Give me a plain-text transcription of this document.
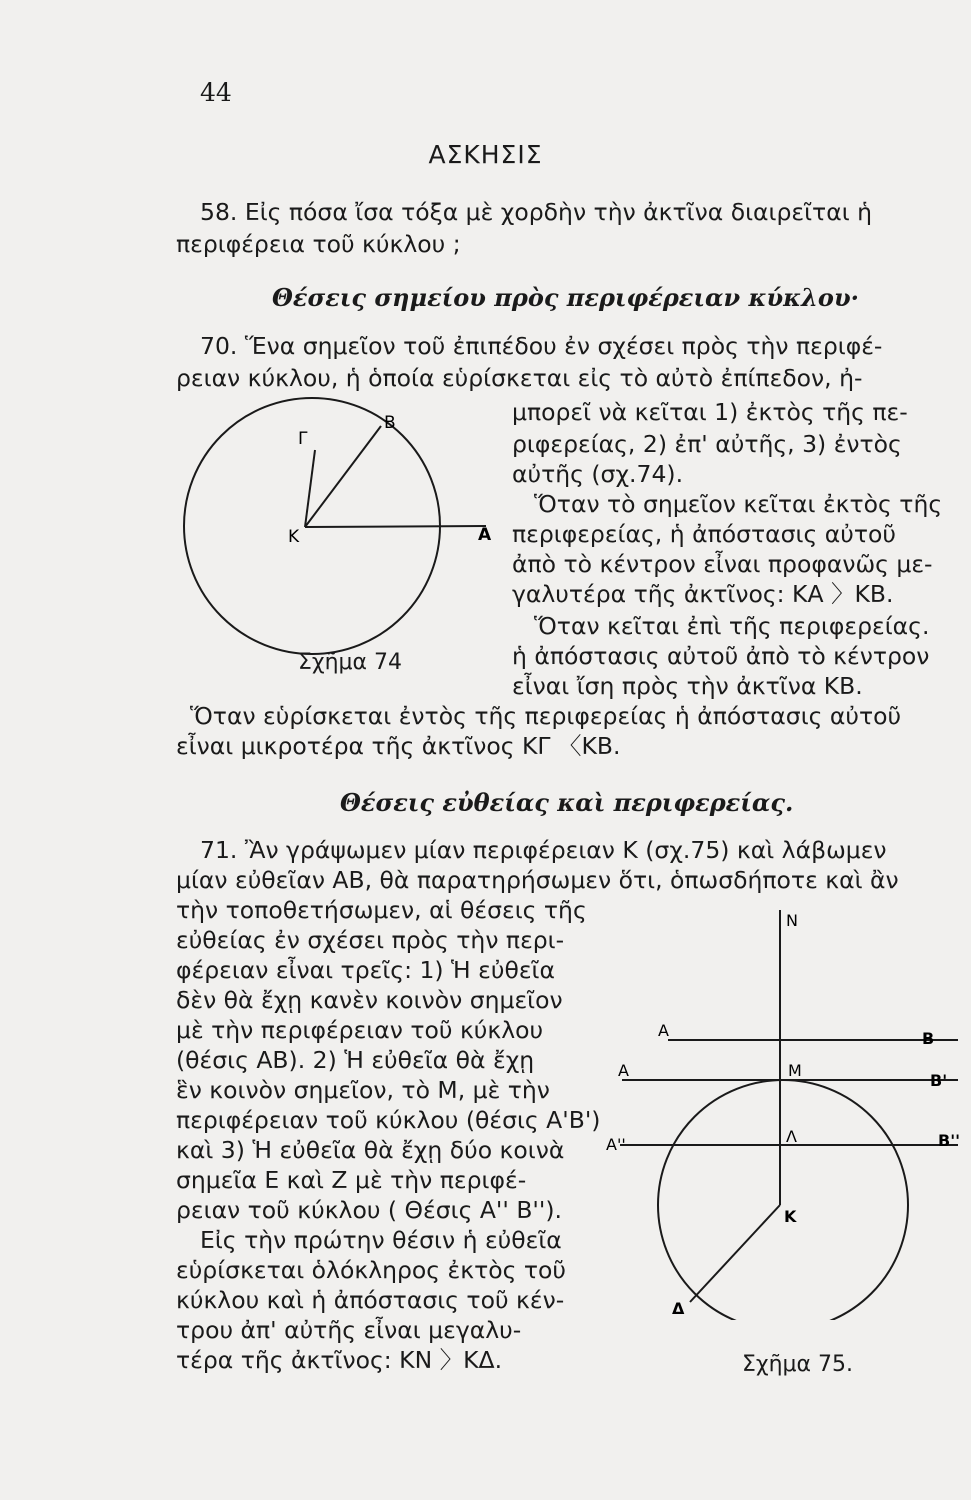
44
ΑΣΚΗΣΙΣ
58. Εἰς πόσα ἴσα τόξα μὲ χορδὴν τὴν ἀκτῖνα διαιρεῖται ἡ
περιφέρεια τοῦ κύκλου ;
Θέσεις σημείου πρὸς περιφέρειαν κύκλου·
70. Ἕνα σημεῖον τοῦ ἐπιπέδου ἐν σχέσει πρὸς τὴν περιφέ-
ρειαν κύκλου, ἡ ὁποία εὑρίσκεται εἰς τὸ αὐτὸ ἐπίπεδον, ἠ-
μπορεῖ νὰ κεῖται 1) ἐκτὸς τῆς πε-
ριφερείας, 2) ἐπ' αὐτῆς, 3) ἐντὸς
αὐτῆς (σχ.74).
Ὅταν τὸ σημεῖον κεῖται ἐκτὸς τῆς
περιφερείας, ἡ ἀπόστασις αὐτοῦ
ἀπὸ τὸ κέντρον εἶναι προφανῶς με-
γαλυτέρα τῆς ἀκτῖνος: ΚΑ 〉ΚΒ.
Ὅταν κεῖται ἐπὶ τῆς περιφερείας.
ἡ ἀπόστασις αὐτοῦ ἀπὸ τὸ κέντρον
εἶναι ἴση πρὸς τὴν ἀκτῖνα ΚΒ.
Ὅταν εὑρίσκεται ἐντὸς τῆς περιφερείας ἡ ἀπόστασις αὐτοῦ
εἶναι μικροτέρα τῆς ἀκτῖνος ΚΓ 〈ΚΒ.
Κ	Α
Β
Γ
Σχῆμα 74
Θέσεις εὐθείας καὶ περιφερείας.
71. Ἂν γράψωμεν μίαν περιφέρειαν Κ (σχ.75) καὶ λάβωμεν
μίαν εὐθεῖαν ΑΒ, θὰ παρατηρήσωμεν ὅτι, ὁπωσδήποτε καὶ ἂν
τὴν τοποθετήσωμεν, αἱ θέσεις τῆς
εὐθείας ἐν σχέσει πρὸς τὴν περι-
φέρειαν εἶναι τρεῖς: 1) Ἡ εὐθεῖα
δὲν θὰ ἔχῃ κανὲν κοινὸν σημεῖον
μὲ τὴν περιφέρειαν τοῦ κύκλου
(θέσις ΑΒ). 2) Ἡ εὐθεῖα θὰ ἔχῃ
ἓν κοινὸν σημεῖον, τὸ Μ, μὲ τὴν
περιφέρειαν τοῦ κύκλου (θέσις Α'Β')
καὶ 3) Ἡ εὐθεῖα θὰ ἔχῃ δύο κοινὰ
σημεῖα Ε καὶ Ζ μὲ τὴν περιφέ-
ρειαν τοῦ κύκλου ( Θέσις Α'' Β'').
Εἰς τὴν πρώτην θέσιν ἡ εὐθεῖα
εὑρίσκεται ὁλόκληρος ἐκτὸς τοῦ
κύκλου καὶ ἡ ἀπόστασις τοῦ κέν-
τρου ἀπ' αὐτῆς εἶναι μεγαλυ-
τέρα τῆς ἀκτῖνος: ΚΝ 〉ΚΔ.
Ν
Α	Β
Α	Μ
Β'
Α''	Λ	Β''
Κ
Δ
Σχῆμα 75.
